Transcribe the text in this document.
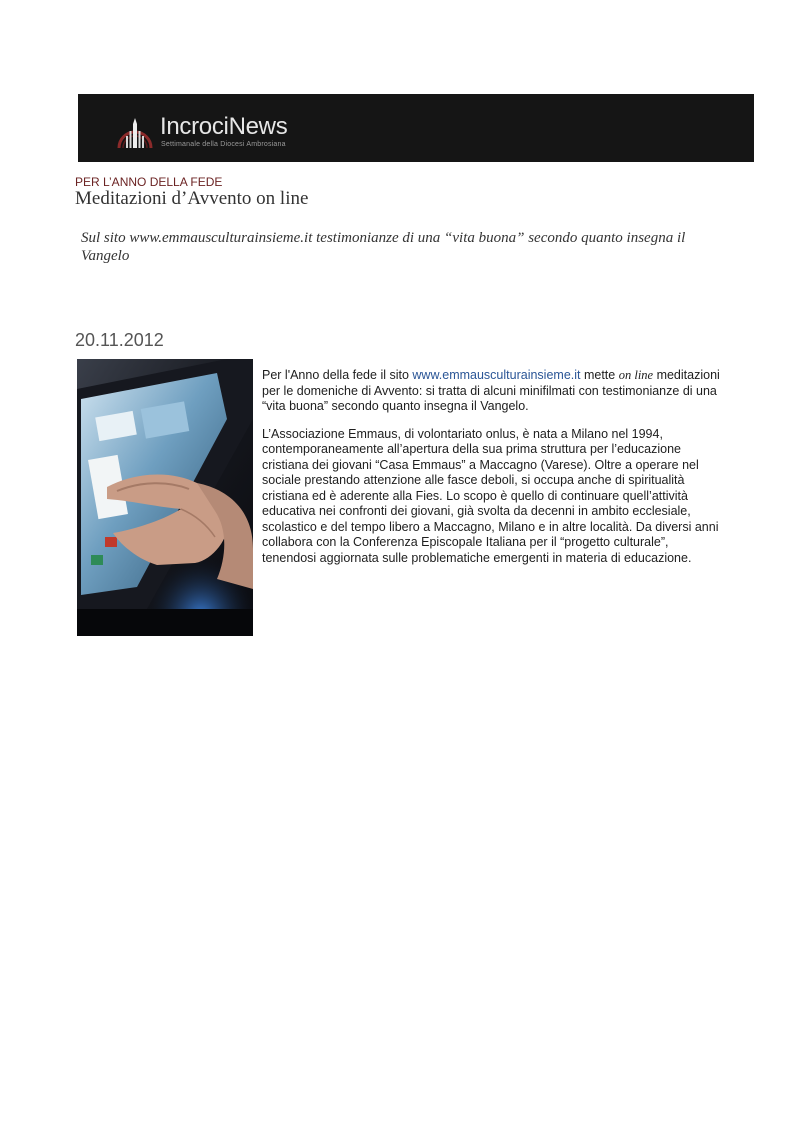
IncrociNews
Settimanale della Diocesi Ambrosiana
PER L’ANNO DELLA FEDE
Meditazioni d’Avvento on line
Sul sito www.emmausculturainsieme.it testimonianze di una “vita buona” secondo quanto insegna il Vangelo
20.11.2012

Per l'Anno della fede il sito www.emmausculturainsieme.it mette on line meditazioni per le domeniche di Avvento: si tratta di alcuni minifilmati con testimonianze di una “vita buona” secondo quanto insegna il Vangelo.

L’Associazione Emmaus, di volontariato onlus, è nata a Milano nel 1994, contemporaneamente all’apertura della sua prima struttura per l’educazione cristiana dei giovani “Casa Emmaus” a Maccagno (Varese). Oltre a operare nel sociale prestando attenzione alle fasce deboli, si occupa anche di spiritualità cristiana ed è aderente alla Fies. Lo scopo è quello di continuare quell’attività educativa nei confronti dei giovani, già svolta da decenni in ambito ecclesiale, scolastico e del tempo libero a Maccagno, Milano e in altre località. Da diversi anni collabora con la Conferenza Episcopale Italiana per il “progetto culturale”, tenendosi aggiornata sulle problematiche emergenti in materia di educazione.
